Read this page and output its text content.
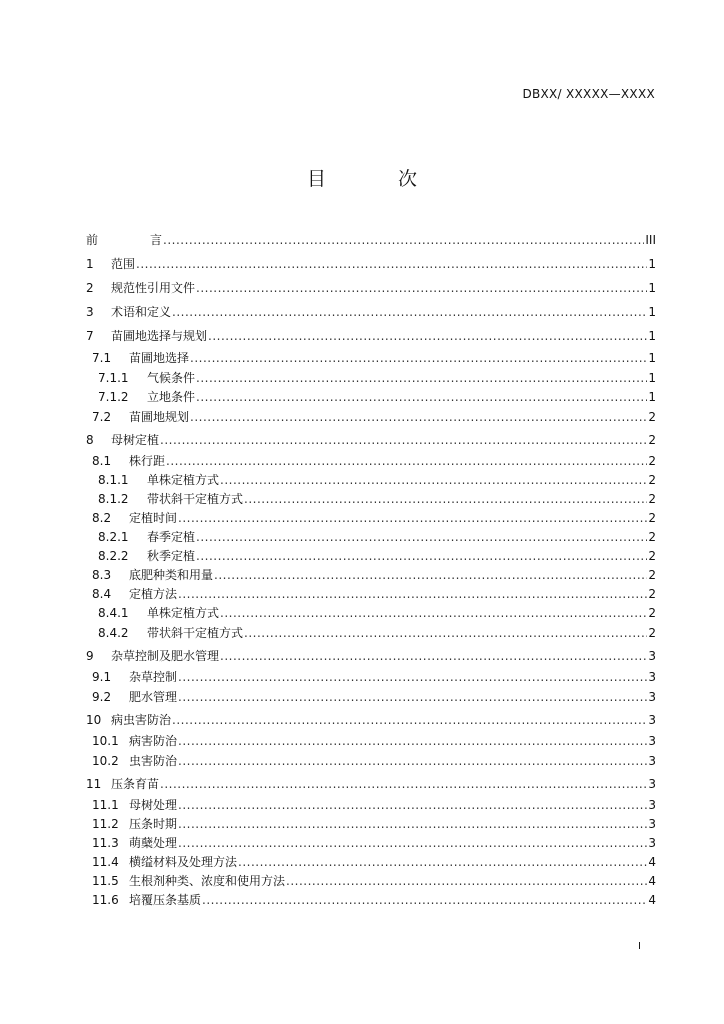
DBXX/ XXXXX—XXXX
目	次
前	言 .....	III
1	范围 .....	1
2	规范性引用文件 .....	1
3	术语和定义 .....	1
7	苗圃地选择与规划 .....	1
7.1	苗圃地选择 .....	1
7.1.1	气候条件 .....	1
7.1.2	立地条件 .....	1
7.2	苗圃地规划 .....	2
8	母树定植 .....	2
8.1	株行距 .....	2
8.1.1	单株定植方式 .....	2
8.1.2	带状斜干定植方式 .....	2
8.2	定植时间 .....	2
8.2.1	春季定植 .....	2
8.2.2	秋季定植 .....	2
8.3	底肥种类和用量 .....	2
8.4	定植方法 .....	2
8.4.1	单株定植方式 .....	2
8.4.2	带状斜干定植方式 .....	2
9	杂草控制及肥水管理 .....	3
9.1	杂草控制 .....	3
9.2	肥水管理 .....	3
10 病虫害防治 .....	3
10.1 病害防治 .....	3
10.2 虫害防治 .....	3
11 压条育苗 .....	3
11.1 母树处理 .....	3
11.2 压条时期 .....	3
11.3 萌蘖处理 .....	3
11.4 横缢材料及处理方法 .....	4
11.5 生根剂种类、浓度和使用方法 .....	4
11.6 培覆压条基质 .....	4
I
